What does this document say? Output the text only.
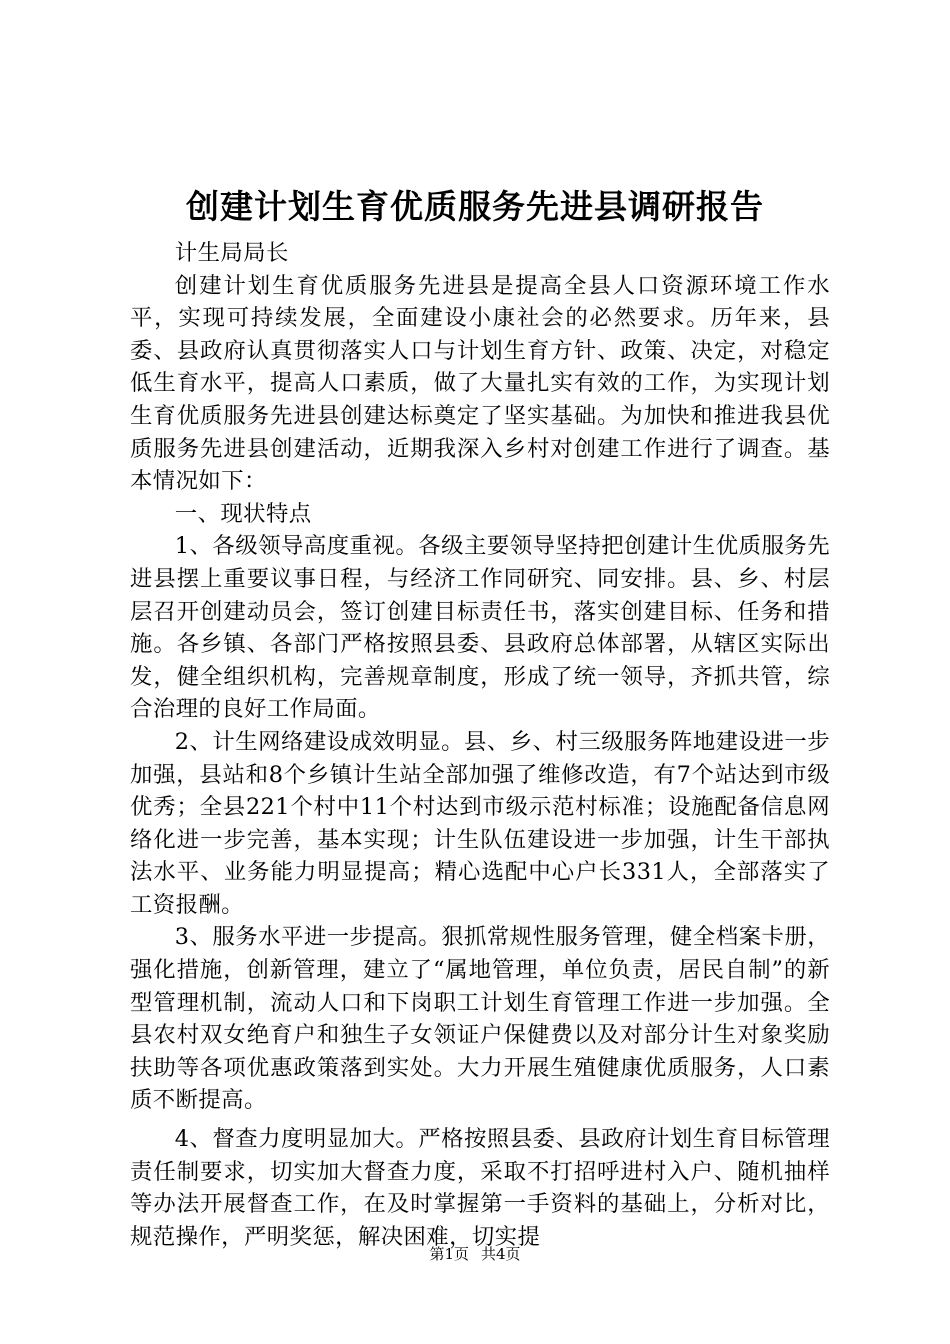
创建计划生育优质服务先进县调研报告

计生局局长

创建计划生育优质服务先进县是提高全县人口资源环境工作水平，实现可持续发展，全面建设小康社会的必然要求。历年来，县委、县政府认真贯彻落实人口与计划生育方针、政策、决定，对稳定低生育水平，提高人口素质，做了大量扎实有效的工作，为实现计划生育优质服务先进县创建达标奠定了坚实基础。为加快和推进我县优质服务先进县创建活动，近期我深入乡村对创建工作进行了调查。基本情况如下：

一、现状特点

1、各级领导高度重视。各级主要领导坚持把创建计生优质服务先进县摆上重要议事日程，与经济工作同研究、同安排。县、乡、村层层召开创建动员会，签订创建目标责任书，落实创建目标、任务和措施。各乡镇、各部门严格按照县委、县政府总体部署，从辖区实际出发，健全组织机构，完善规章制度，形成了统一领导，齐抓共管，综合治理的良好工作局面。

2、计生网络建设成效明显。县、乡、村三级服务阵地建设进一步加强，县站和8个乡镇计生站全部加强了维修改造，有7个站达到市级优秀；全县221个村中11个村达到市级示范村标准；设施配备信息网络化进一步完善，基本实现；计生队伍建设进一步加强，计生干部执法水平、业务能力明显提高；精心选配中心户长331人，全部落实了工资报酬。

3、服务水平进一步提高。狠抓常规性服务管理，健全档案卡册，强化措施，创新管理，建立了“属地管理，单位负责，居民自制”的新型管理机制，流动人口和下岗职工计划生育管理工作进一步加强。全县农村双女绝育户和独生子女领证户保健费以及对部分计生对象奖励扶助等各项优惠政策落到实处。大力开展生殖健康优质服务，人口素质不断提高。

4、督查力度明显加大。严格按照县委、县政府计划生育目标管理责任制要求，切实加大督查力度，采取不打招呼进村入户、随机抽样等办法开展督查工作，在及时掌握第一手资料的基础上，分析对比，规范操作，严明奖惩，解决困难，切实提

第1页 共4页
